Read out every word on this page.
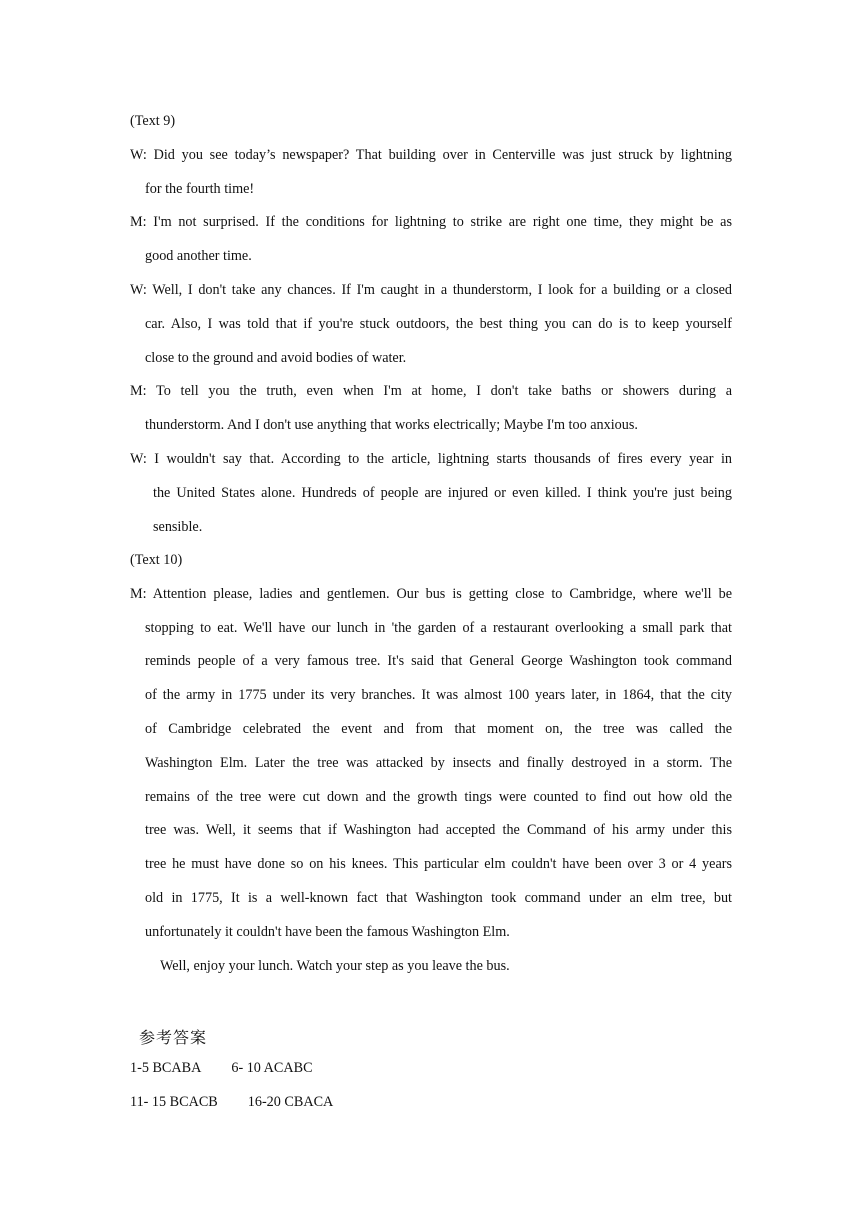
(Text 9)
W: Did you see today’s newspaper? That building over in Centerville was just struck by lightning
for the fourth time!
M: I'm not surprised. If the conditions for lightning to strike are right one time, they might be as
good another time.
W: Well, I don't take any chances. If I'm caught in a thunderstorm, I look for a building or a closed
car. Also, I was told that if you're stuck outdoors, the best thing you can do is to keep yourself
close to the ground and avoid bodies of water.
M: To tell you the truth, even when I'm at home, I don't take baths or showers during a
thunderstorm. And I don't use anything that works electrically; Maybe I'm too anxious.
W: I wouldn't say that. According to the article, lightning starts thousands of fires every year in
the United States alone. Hundreds of people are injured or even killed. I think you're just being
sensible.
(Text 10)
M: Attention please, ladies and gentlemen. Our bus is getting close to Cambridge, where we'll be
stopping to eat. We'll have our lunch in 'the garden of a restaurant overlooking a small park that
reminds people of a very famous tree. It's said that General George Washington took command
of the army in 1775 under its very branches. It was almost 100 years later, in 1864, that the city
of Cambridge celebrated the event and from that moment on, the tree was called the
Washington Elm. Later the tree was attacked by insects and finally destroyed in a storm. The
remains of the tree were cut down and the growth tings were counted to find out how old the
tree was. Well, it seems that if Washington had accepted the Command of his army under this
tree he must have done so on his knees. This particular elm couldn't have been over 3 or 4 years
old in 1775, It is a well-known fact that Washington took command under an elm tree, but
unfortunately it couldn't have been the famous Washington Elm.
Well, enjoy your lunch. Watch your step as you leave the bus.
参考答案
1-5 BCABA 6- 10 ACABC
11- 15 BCACB 16-20 CBACA
